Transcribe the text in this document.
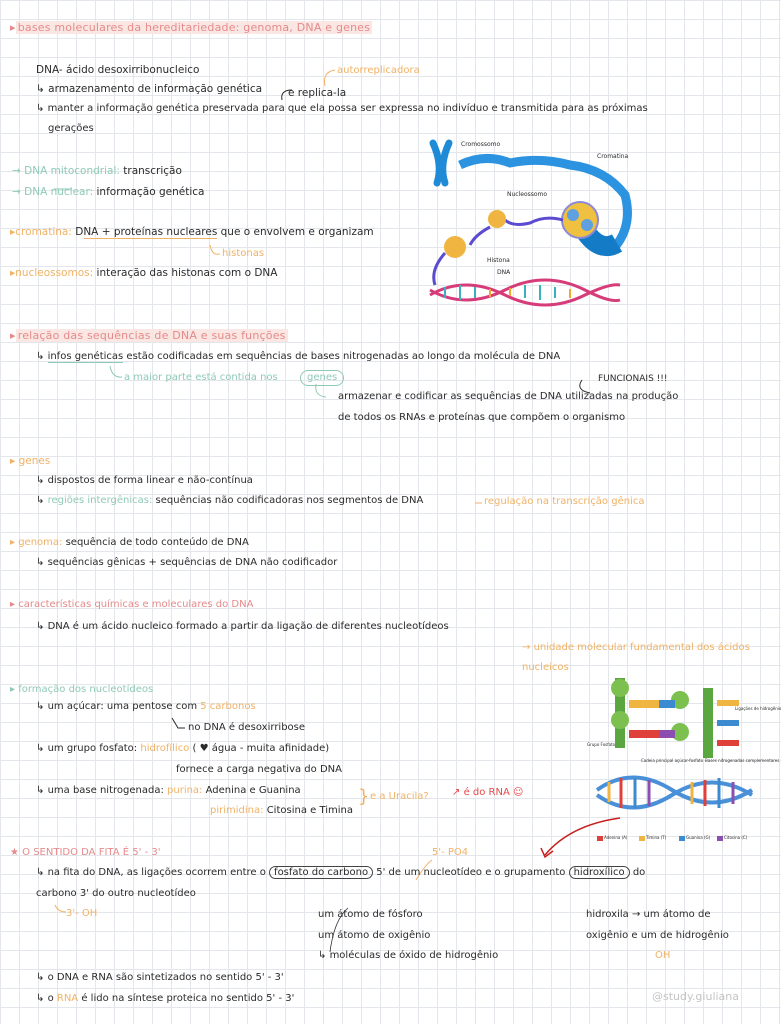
▸ bases moleculares da hereditariedade: genoma, DNA e genes
DNA- ácido desoxirribonucleico	autorreplicadora
↳ armazenamento de informação genética e replica-la
↳ manter a informação genética preservada para que ela possa ser expressa no indivíduo e transmitida para as próximas
gerações
→ DNA mitocondrial: transcrição
→ DNA nuclear: informação genética
▸cromatina: DNA + proteínas nucleares que o envolvem e organizam
histonas
▸nucleossomos: interação das histonas com o DNA
Cromossomo
Cromatina
Nucleossomo
Histona
DNA
▸ relação das sequências de DNA e suas funções
↳ infos genéticas estão codificadas em sequências de bases nitrogenadas ao longo da molécula de DNA
a maior parte está contida nos	genes	FUNCIONAIS !!!
armazenar e codificar as sequências de DNA utilizadas na produção
de todos os RNAs e proteínas que compõem o organismo
▸ genes
↳ dispostos de forma linear e não-contínua
↳ regiões intergênicas: sequências não codificadoras nos segmentos de DNA	regulação na transcrição gênica
▸ genoma: sequência de todo conteúdo de DNA
↳ sequências gênicas + sequências de DNA não codificador
▸ características químicas e moleculares do DNA
↳ DNA é um ácido nucleico formado a partir da ligação de diferentes nucleotídeos
→ unidade molecular fundamental dos ácidos
nucleicos
▸ formação dos nucleotídeos
↳ um açúcar: uma pentose com 5 carbonos
no DNA é desoxirribose
↳ um grupo fosfato: hidrofílico ( ♥ água - muita afinidade)
fornece a carga negativa do DNA
↳ uma base nitrogenada: purina: Adenina e Guanina
pirimidina: Citosina e Timina
} e a Uracila? ↗ é do RNA ☺
Grupo Fosfato
Ligações de hidrogênio
Bases nitrogenadas complementares
Cadeia principal açúcar-fosfato
Adenina (A)	Timina (T)	Guanina (G)	Citosina (C)
★ O SENTIDO DA FITA É 5' - 3'	5'- PO4
↳ na fita do DNA, as ligações ocorrem entre o fosfato do carbono 5' de um nucleotídeo e o grupamento hidroxílico do
carbono 3' do outro nucleotídeo
3'- OH	um átomo de fósforo
um átomo de oxigênio
↳ moléculas de óxido de hidrogênio
hidroxila → um átomo de
oxigênio e um de hidrogênio
OH
↳ o DNA e RNA são sintetizados no sentido 5' - 3'
↳ o RNA é lido na síntese proteica no sentido 5' - 3'	@study.giuliana
